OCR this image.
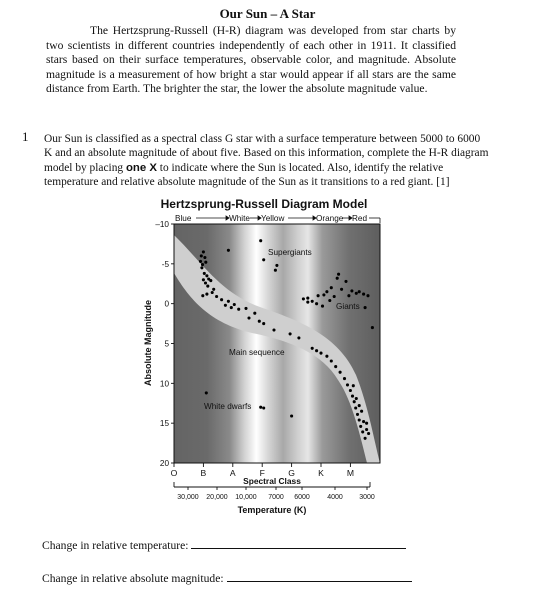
Our Sun – A Star

The Hertzsprung-Russell (H-R) diagram was developed from star charts by two scientists in different countries independently of each other in 1911. It classified stars based on their surface temperatures, observable color, and magnitude. Absolute magnitude is a measurement of how bright a star would appear if all stars are the same distance from Earth. The brighter the star, the lower the absolute magnitude value.

1 Our Sun is classified as a spectral class G star with a surface temperature between 5000 to 6000 K and an absolute magnitude of about five. Based on this information, complete the H-R diagram model by placing one X to indicate where the Sun is located. Also, identify the relative temperature and relative absolute magnitude of the Sun as it transitions to a red giant. [1]

Hertzsprung-Russell Diagram Model
Blue	White Yellow	Orange Red
Supergiants
Giants
Main sequence
White dwarfs
–10
-5
0
5
10
15
20
O	B	A	F	G	K	M
30,000 20,000 10,000 7000 6000 4000 3000
Absolute Magnitude
Spectral Class
Temperature (K)
Change in relative temperature:
Change in relative absolute magnitude:
